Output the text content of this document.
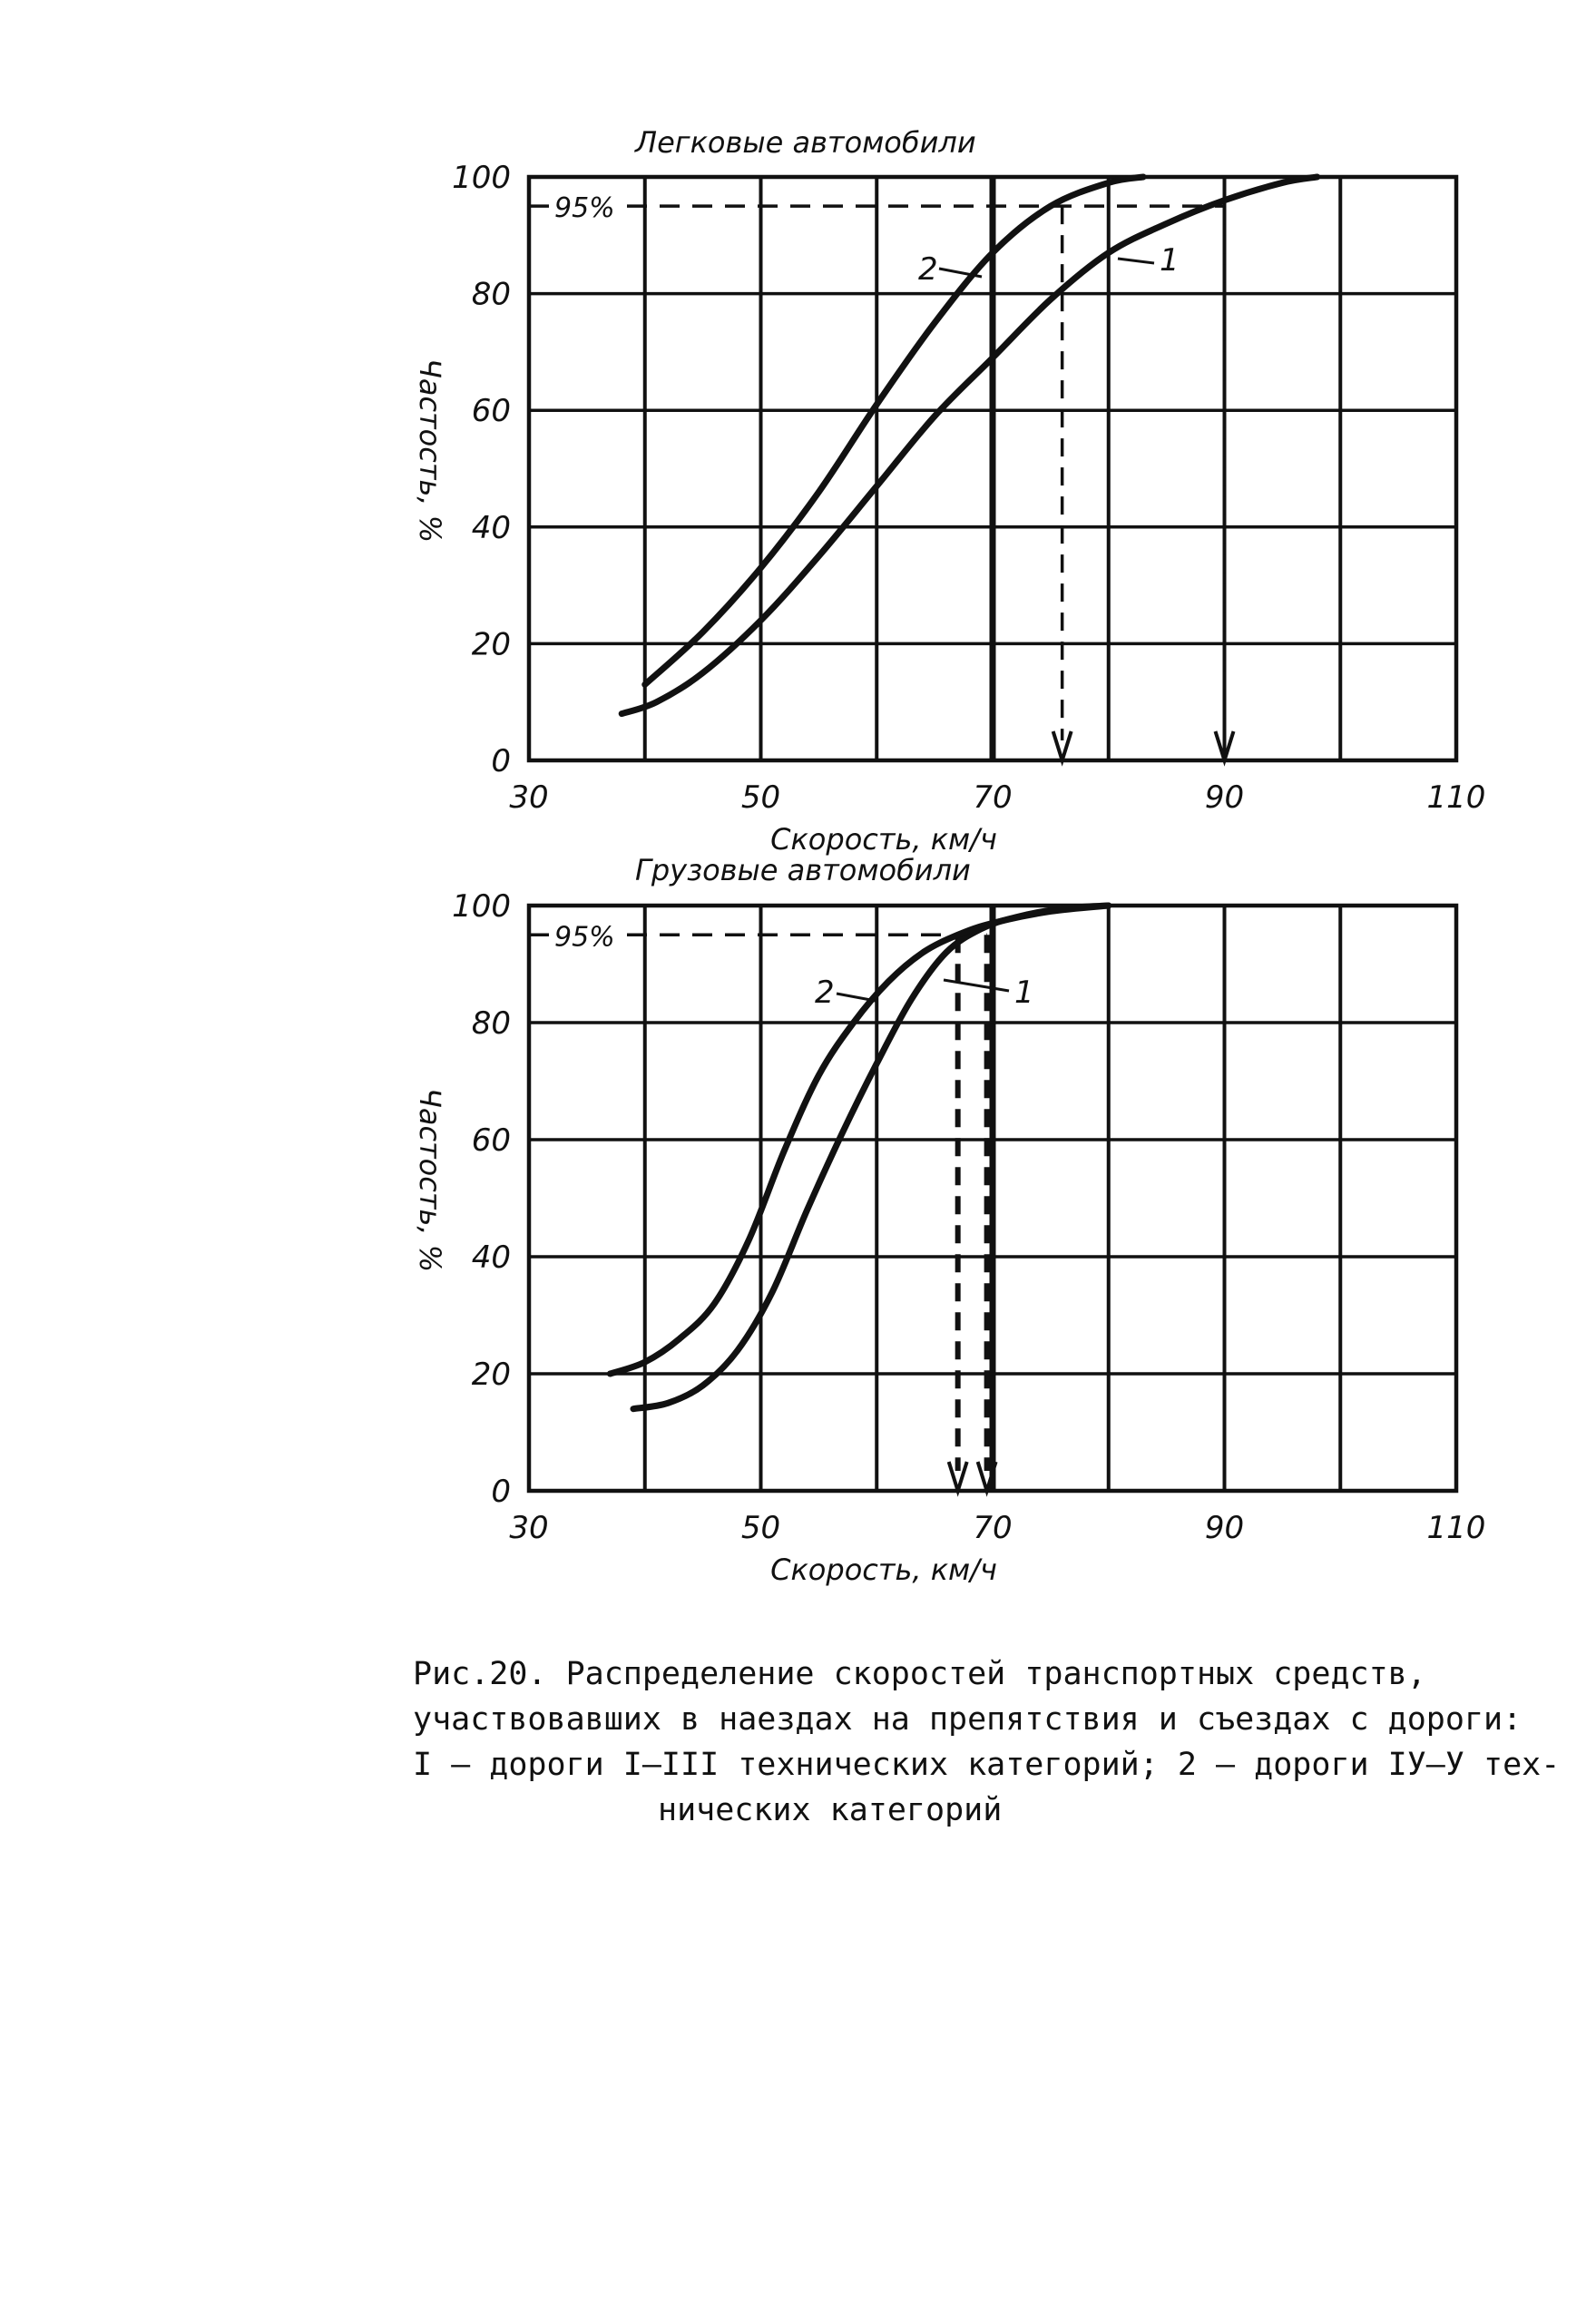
0
20
40
60
80
100
30	50	70	90	110
Скорость, км/ч
Частость, %
95%
2	1
0
20
40
60
80
100
30	50	70	90	110
Скорость, км/ч
Частость, %
95%
2	1
Легковые автомобили
Грузовые автомобили
Рис.20. Распределение скоростей транспортных средств,
участвовавших в наездах на препятствия и съездах с дороги:
I – дороги I–III технических категорий; 2 – дороги IУ–У тех-
нических категорий
